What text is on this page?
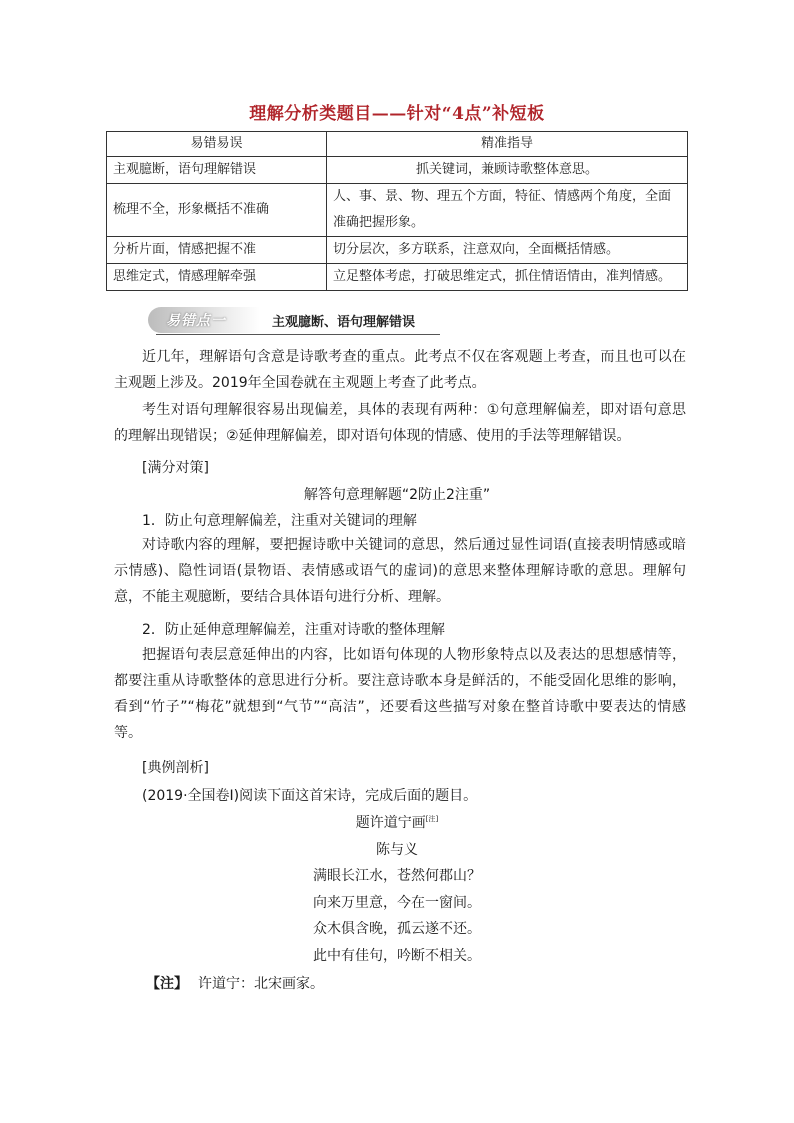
理解分析类题目——针对“4点”补短板
易错易误	精准指导
主观臆断，语句理解错误	抓关键词，兼顾诗歌整体意思。
梳理不全，形象概括不准确	人、事、景、物、理五个方面，特征、情感两个角度，全面准确把握形象。
分析片面，情感把握不准	切分层次，多方联系，注意双向，全面概括情感。
思维定式，情感理解牵强	立足整体考虑，打破思维定式，抓住情语情由，准判情感。
易错点一	主观臆断、语句理解错误
近几年，理解语句含意是诗歌考查的重点。此考点不仅在客观题上考查，而且也可以在主观题上涉及。2019年全国卷就在主观题上考查了此考点。
考生对语句理解很容易出现偏差，具体的表现有两种：①句意理解偏差，即对语句意思的理解出现错误；②延伸理解偏差，即对语句体现的情感、使用的手法等理解错误。
[满分对策]
解答句意理解题“2防止2注重”
1．防止句意理解偏差，注重对关键词的理解
对诗歌内容的理解，要把握诗歌中关键词的意思，然后通过显性词语(直接表明情感或暗示情感)、隐性词语(景物语、表情感或语气的虚词)的意思来整体理解诗歌的意思。理解句意，不能主观臆断，要结合具体语句进行分析、理解。
2．防止延伸意理解偏差，注重对诗歌的整体理解
把握语句表层意延伸出的内容，比如语句体现的人物形象特点以及表达的思想感情等，都要注重从诗歌整体的意思进行分析。要注意诗歌本身是鲜活的，不能受固化思维的影响，看到“竹子”“梅花”就想到“气节”“高洁”，还要看这些描写对象在整首诗歌中要表达的情感等。
[典例剖析]
(2019·全国卷Ⅰ)阅读下面这首宋诗，完成后面的题目。
题许道宁画[注]
陈与义
满眼长江水，苍然何郡山？
向来万里意，今在一窗间。
众木俱含晚，孤云遂不还。
此中有佳句，吟断不相关。
【注】 许道宁：北宋画家。
